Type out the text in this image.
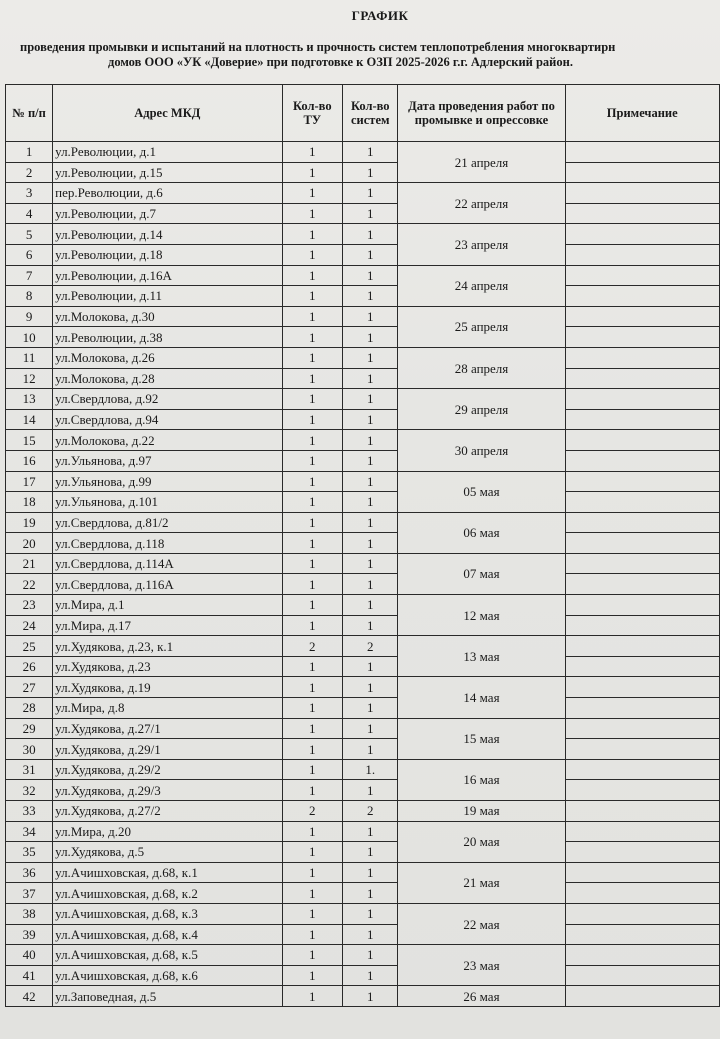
ГРАФИК
проведения промывки и испытаний на плотность и прочность систем теплопотребления многоквартирн
домов ООО «УК «Доверие» при подготовке к ОЗП 2025-2026 г.г. Адлерский район.
№ п/п	Адрес МКД	Кол-во ТУ	Кол-во систем	Дата проведения работ по промывке и опрессовке	Примечание
1	ул.Революции, д.1	1	1	21 апреля	
2	ул.Революции, д.15	1	1		
3	пер.Революции, д.6	1	1	22 апреля	
4	ул.Революции, д.7	1	1		
5	ул.Революции, д.14	1	1	23 апреля	
6	ул.Революции, д.18	1	1		
7	ул.Революции, д.16А	1	1	24 апреля	
8	ул.Революции, д.11	1	1		
9	ул.Молокова, д.30	1	1	25 апреля	
10	ул.Революции, д.38	1	1		
11	ул.Молокова, д.26	1	1	28 апреля	
12	ул.Молокова, д.28	1	1		
13	ул.Свердлова, д.92	1	1	29 апреля	
14	ул.Свердлова, д.94	1	1		
15	ул.Молокова, д.22	1	1	30 апреля	
16	ул.Ульянова, д.97	1	1		
17	ул.Ульянова, д.99	1	1	05 мая	
18	ул.Ульянова, д.101	1	1		
19	ул.Свердлова, д.81/2	1	1	06 мая	
20	ул.Свердлова, д.118	1	1		
21	ул.Свердлова, д.114А	1	1	07 мая	
22	ул.Свердлова, д.116А	1	1		
23	ул.Мира, д.1	1	1	12 мая	
24	ул.Мира, д.17	1	1		
25	ул.Худякова, д.23, к.1	2	2	13 мая	
26	ул.Худякова, д.23	1	1		
27	ул.Худякова, д.19	1	1	14 мая	
28	ул.Мира, д.8	1	1		
29	ул.Худякова, д.27/1	1	1	15 мая	
30	ул.Худякова, д.29/1	1	1		
31	ул.Худякова, д.29/2	1	1.	16 мая	
32	ул.Худякова, д.29/3	1	1		
33	ул.Худякова, д.27/2	2	2	19 мая	
34	ул.Мира, д.20	1	1	20 мая	
35	ул.Худякова, д.5	1	1		
36	ул.Ачишховская, д.68, к.1	1	1	21 мая	
37	ул.Ачишховская, д.68, к.2	1	1		
38	ул.Ачишховская, д.68, к.3	1	1	22 мая	
39	ул.Ачишховская, д.68, к.4	1	1		
40	ул.Ачишховская, д.68, к.5	1	1	23 мая	
41	ул.Ачишховская, д.68, к.6	1	1		
42	ул.Заповедная, д.5	1	1	26 мая	
